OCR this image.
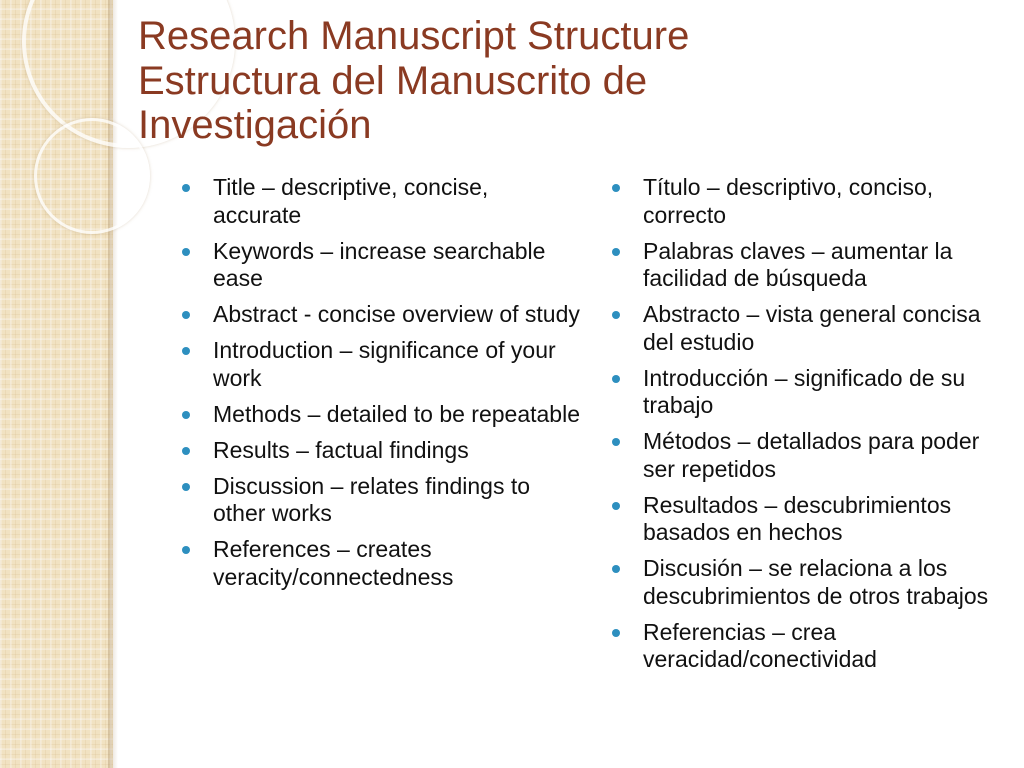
Research Manuscript Structure
Estructura del Manuscrito de
Investigación
Title – descriptive, concise, accurate
Keywords – increase searchable ease
Abstract - concise overview of study
Introduction – significance of your work
Methods – detailed to be repeatable
Results – factual findings
Discussion – relates findings to other works
References – creates veracity/connectedness
Título – descriptivo, conciso, correcto
Palabras claves – aumentar la facilidad de búsqueda
Abstracto – vista general concisa del estudio
Introducción – significado de su trabajo
Métodos – detallados para poder ser repetidos
Resultados – descubrimientos basados en hechos
Discusión – se relaciona a los descubrimientos de otros trabajos
Referencias – crea veracidad/conectividad
